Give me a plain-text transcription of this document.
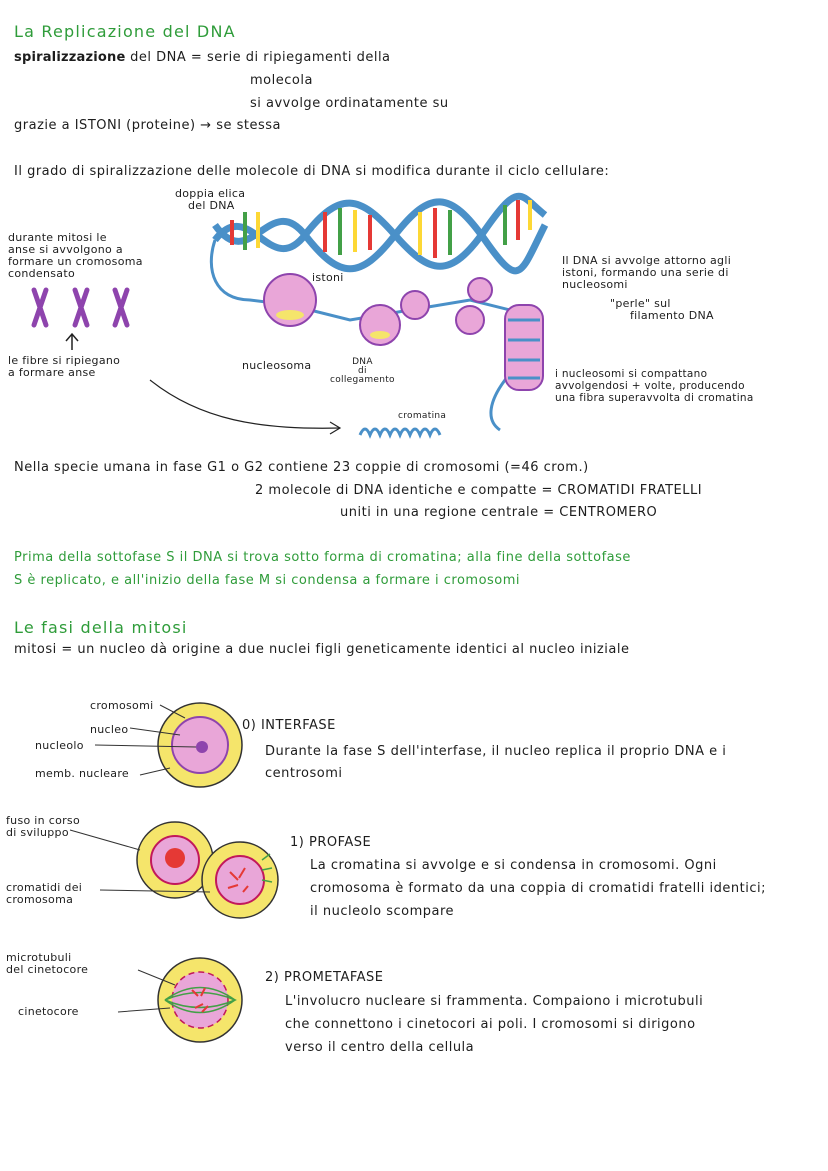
La Replicazione del DNA
spiralizzazione del DNA = serie di ripiegamenti della
molecola
si avvolge ordinatamente su
grazie a ISTONI (proteine) → se stessa
Il grado di spiralizzazione delle molecole di DNA si modifica durante il ciclo cellulare:
doppia elica
del DNA
durante mitosi le
anse si avvolgono a
formare un cromosoma
condensato
le fibre si ripiegano
a formare anse
istoni
nucleosoma	DNA
di
collegamento
cromatina
Il DNA si avvolge attorno agli
istoni, formando una serie di
nucleosomi
"perle" sul
filamento DNA
i nucleosomi si compattano
avvolgendosi + volte, producendo
una fibra superavvolta di cromatina
Nella specie umana in fase G1 o G2 contiene 23 coppie di cromosomi (=46 crom.)
2 molecole di DNA identiche e compatte = CROMATIDI FRATELLI
uniti in una regione centrale = CENTROMERO
Prima della sottofase S il DNA si trova sotto forma di cromatina; alla fine della sottofase
S è replicato, e all'inizio della fase M si condensa a formare i cromosomi
Le fasi della mitosi
mitosi = un nucleo dà origine a due nuclei figli geneticamente identici al nucleo iniziale
cromosomi
nucleo
nucleolo
memb. nucleare
0) INTERFASE
Durante la fase S dell'interfase, il nucleo replica il proprio DNA e i
centrosomi
fuso in corso
di sviluppo
cromatidi dei
cromosoma
1) PROFASE
La cromatina si avvolge e si condensa in cromosomi. Ogni
cromosoma è formato da una coppia di cromatidi fratelli identici;
il nucleolo scompare
microtubuli
del cinetocore
cinetocore
2) PROMETAFASE
L'involucro nucleare si frammenta. Compaiono i microtubuli
che connettono i cinetocori ai poli. I cromosomi si dirigono
verso il centro della cellula
